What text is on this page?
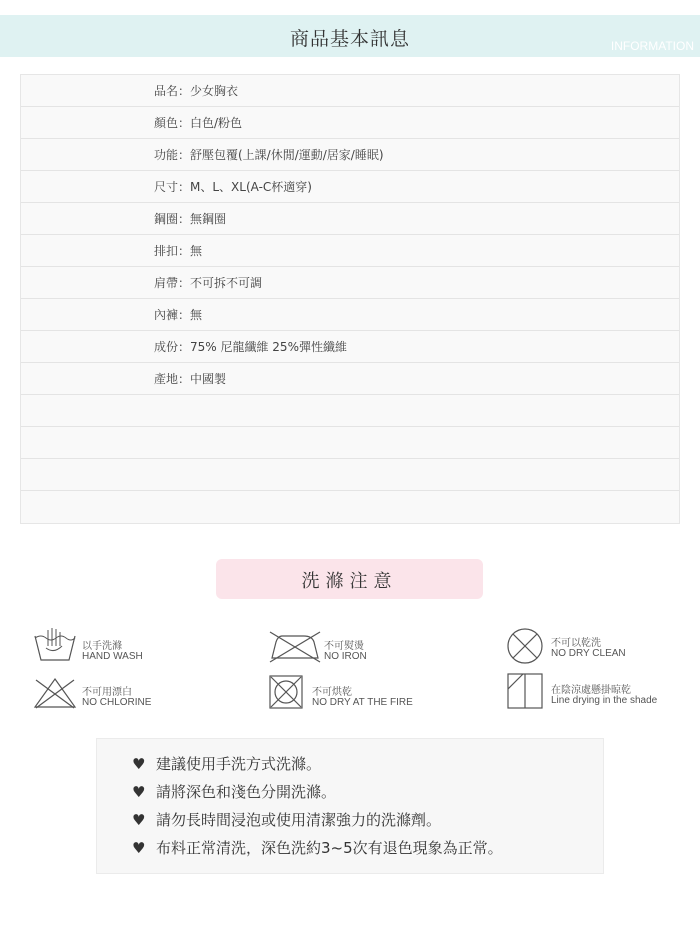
商品基本訊息	INFORMATION
品名：少女胸衣
顏色：白色/粉色
功能：舒壓包覆(上課/休閒/運動/居家/睡眠)
尺寸：M、L、XL(A-C杯適穿)
鋼圈：無鋼圈
排扣：無
肩帶：不可拆不可調
內褲：無
成份：75% 尼龍纖維 25%彈性纖維
產地：中國製
洗滌注意
以手洗滌
HAND WASH
不可熨燙
NO IRON
不可以乾洗
NO DRY CLEAN
不可用漂白
NO CHLORINE
不可烘乾
NO DRY AT THE FIRE
在陰涼處懸掛晾乾
Line drying in the shade
♥ 建議使用手洗方式洗滌。
♥ 請將深色和淺色分開洗滌。
♥ 請勿長時間浸泡或使用清潔強力的洗滌劑。
♥ 布料正常清洗，深色洗約3~5次有退色現象為正常。
